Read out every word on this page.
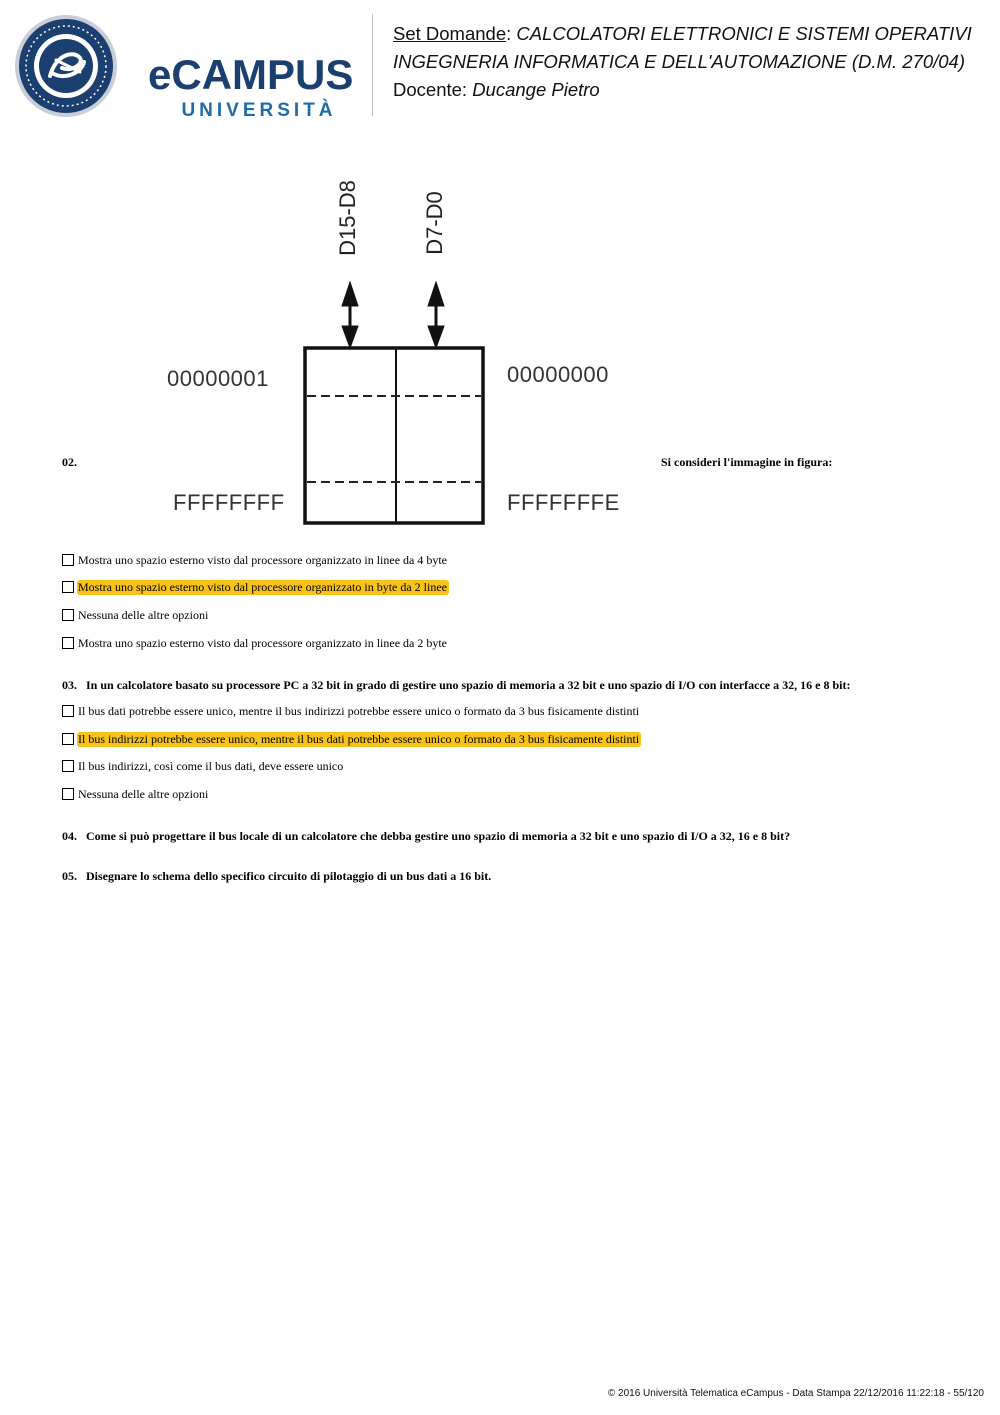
eCAMPUS
UNIVERSITÀ
Set Domande: CALCOLATORI ELETTRONICI E SISTEMI OPERATIVI
INGEGNERIA INFORMATICA E DELL'AUTOMAZIONE (D.M. 270/04)
Docente: Ducange Pietro
D15-D8	D7-D0
00000001	00000000
FFFFFFFF	FFFFFFFE
02.	Si consideri l'immagine in figura:
Mostra uno spazio esterno visto dal processore organizzato in linee da 4 byte
Mostra uno spazio esterno visto dal processore organizzato in byte da 2 linee
Nessuna delle altre opzioni
Mostra uno spazio esterno visto dal processore organizzato in linee da 2 byte
03. In un calcolatore basato su processore PC a 32 bit in grado di gestire uno spazio di memoria a 32 bit e uno spazio di I/O con interfacce a 32, 16 e 8 bit:
Il bus dati potrebbe essere unico, mentre il bus indirizzi potrebbe essere unico o formato da 3 bus fisicamente distinti
Il bus indirizzi potrebbe essere unico, mentre il bus dati potrebbe essere unico o formato da 3 bus fisicamente distinti
Il bus indirizzi, così come il bus dati, deve essere unico
Nessuna delle altre opzioni
04. Come si può progettare il bus locale di un calcolatore che debba gestire uno spazio di memoria a 32 bit e uno spazio di I/O a 32, 16 e 8 bit?
05. Disegnare lo schema dello specifico circuito di pilotaggio di un bus dati a 16 bit.
© 2016 Università Telematica eCampus - Data Stampa 22/12/2016 11:22:18 - 55/120
